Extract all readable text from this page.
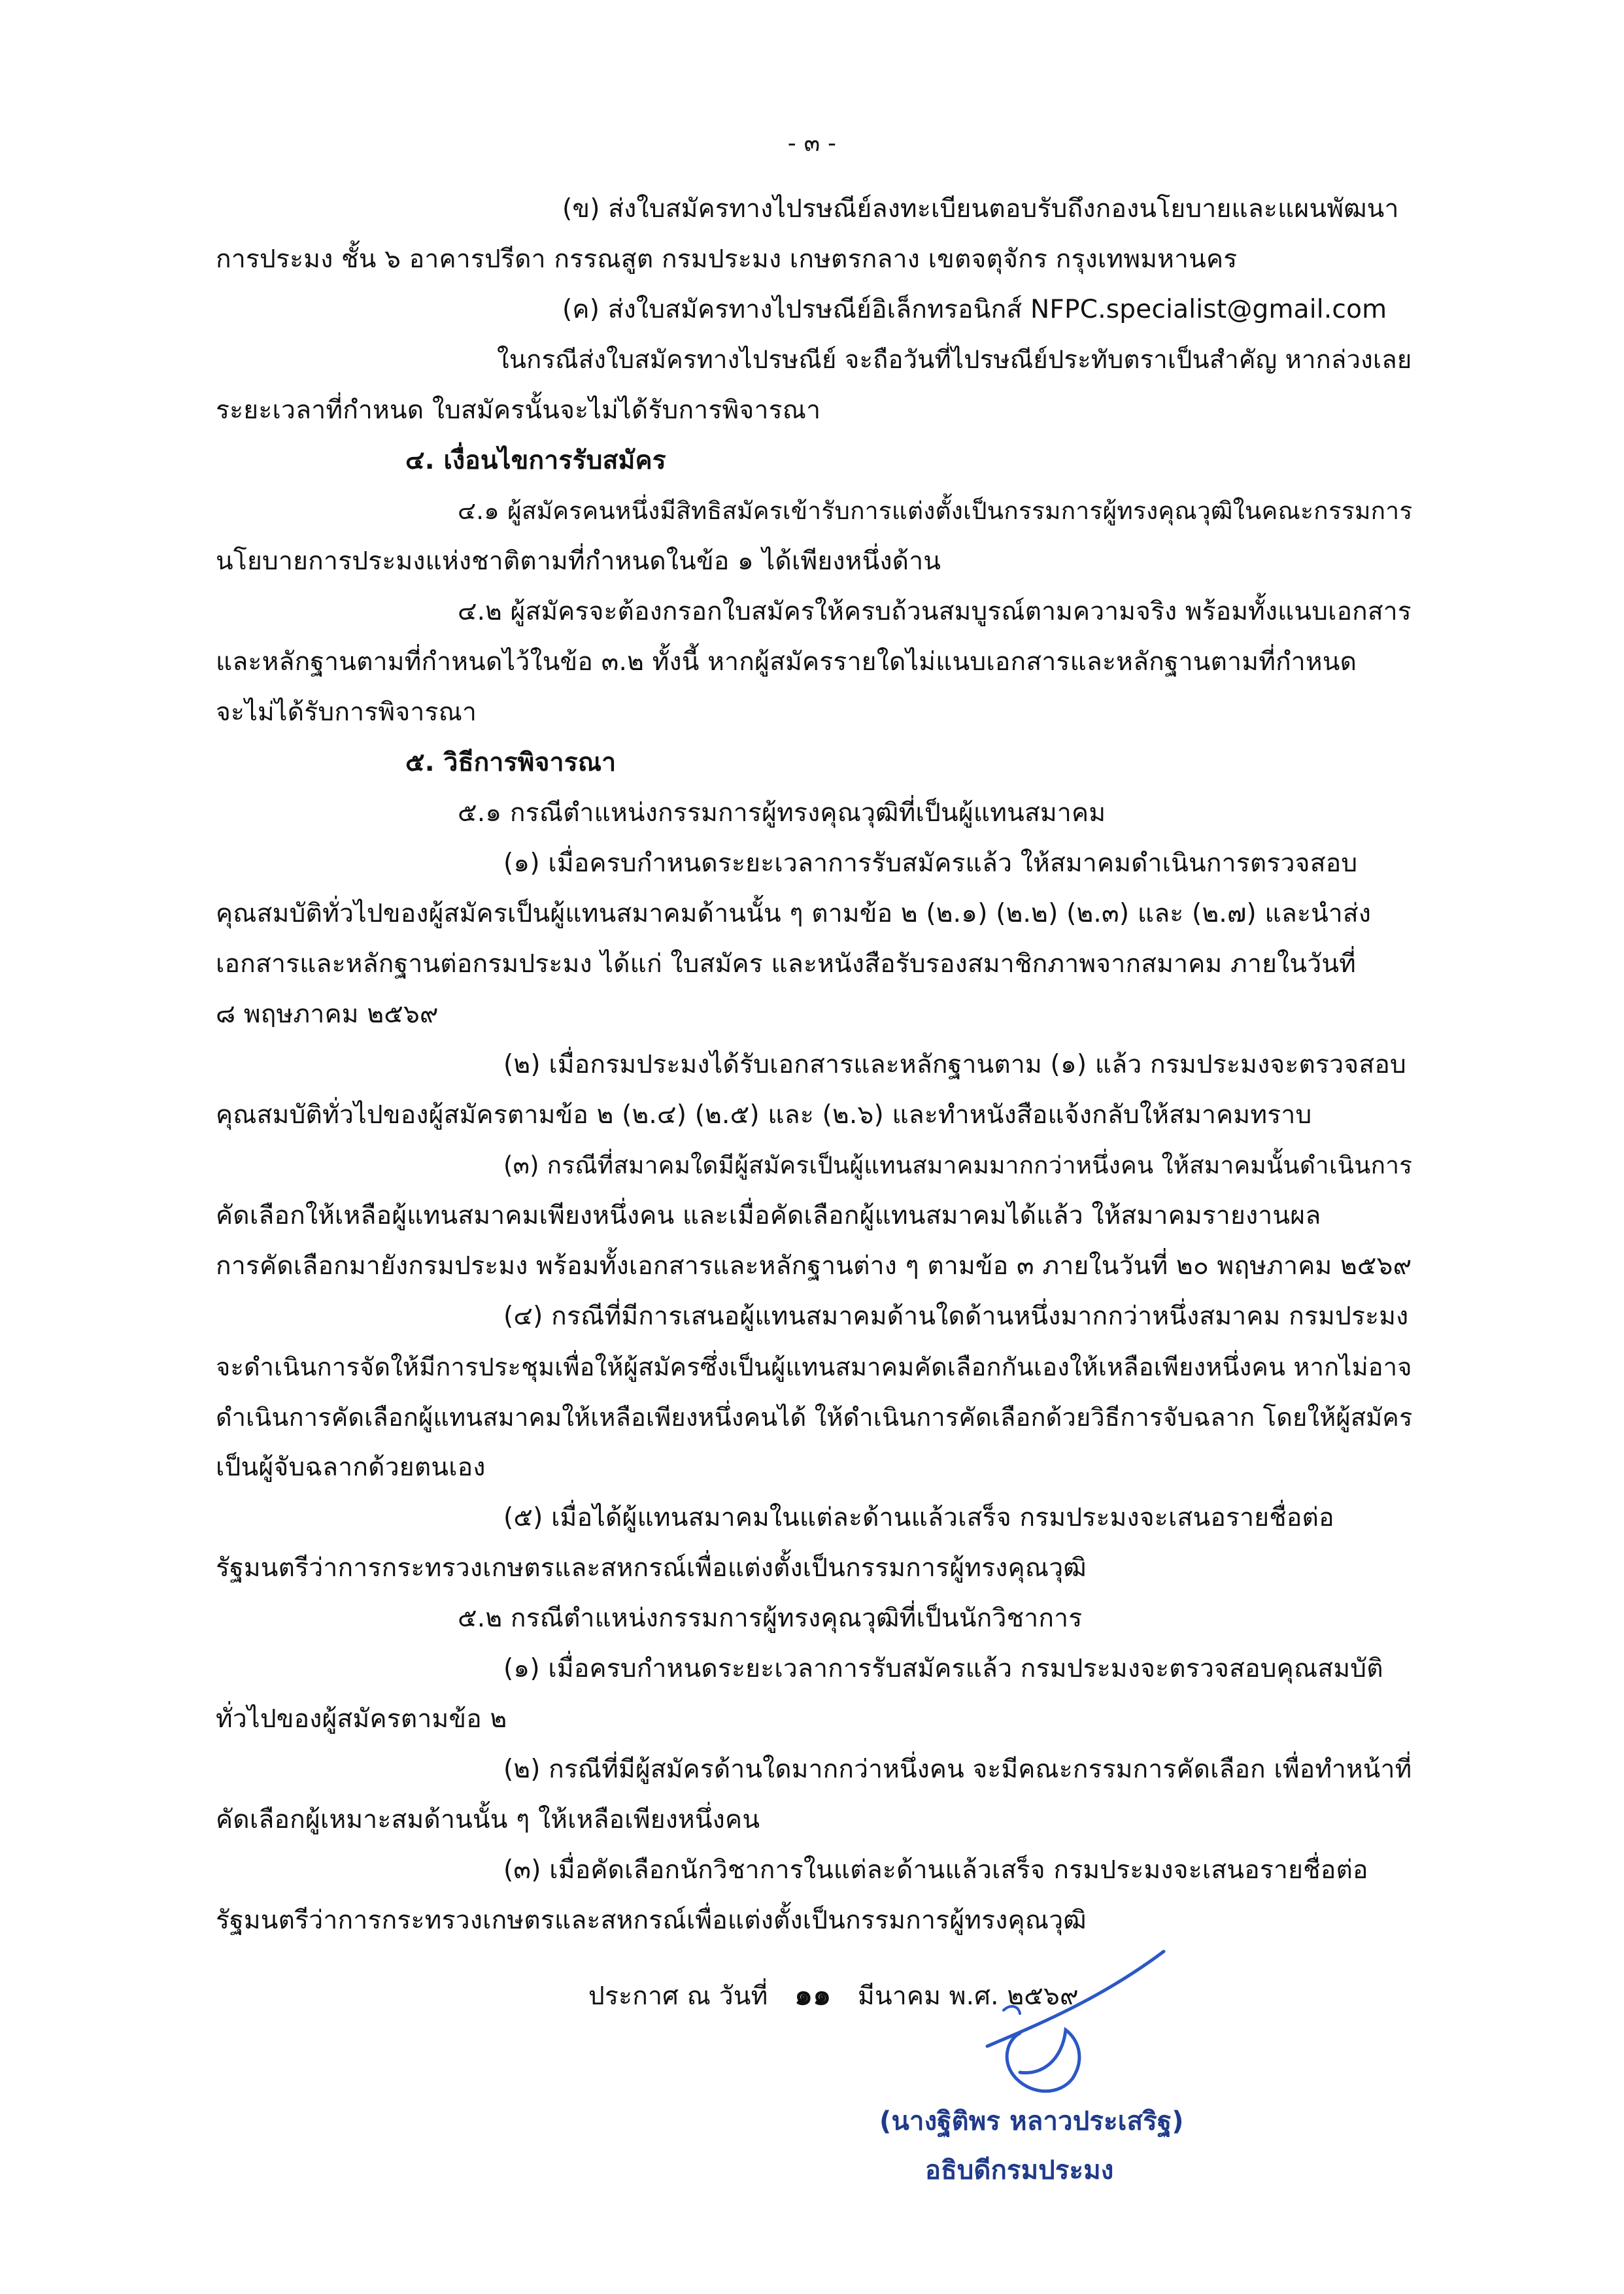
- ๓ -
(ข) ส่งใบสมัครทางไปรษณีย์ลงทะเบียนตอบรับถึงกองนโยบายและแผนพัฒนา
การประมง ชั้น ๖ อาคารปรีดา กรรณสูต กรมประมง เกษตรกลาง เขตจตุจักร กรุงเทพมหานคร
(ค) ส่งใบสมัครทางไปรษณีย์อิเล็กทรอนิกส์ NFPC.specialist@gmail.com
ในกรณีส่งใบสมัครทางไปรษณีย์ จะถือวันที่ไปรษณีย์ประทับตราเป็นสำคัญ หากล่วงเลย
ระยะเวลาที่กำหนด ใบสมัครนั้นจะไม่ได้รับการพิจารณา
๔. เงื่อนไขการรับสมัคร
๔.๑ ผู้สมัครคนหนึ่งมีสิทธิสมัครเข้ารับการแต่งตั้งเป็นกรรมการผู้ทรงคุณวุฒิในคณะกรรมการ
นโยบายการประมงแห่งชาติตามที่กำหนดในข้อ ๑ ได้เพียงหนึ่งด้าน
๔.๒ ผู้สมัครจะต้องกรอกใบสมัครให้ครบถ้วนสมบูรณ์ตามความจริง พร้อมทั้งแนบเอกสาร
และหลักฐานตามที่กำหนดไว้ในข้อ ๓.๒ ทั้งนี้ หากผู้สมัครรายใดไม่แนบเอกสารและหลักฐานตามที่กำหนด
จะไม่ได้รับการพิจารณา
๕. วิธีการพิจารณา
๕.๑ กรณีตำแหน่งกรรมการผู้ทรงคุณวุฒิที่เป็นผู้แทนสมาคม
(๑) เมื่อครบกำหนดระยะเวลาการรับสมัครแล้ว ให้สมาคมดำเนินการตรวจสอบ
คุณสมบัติทั่วไปของผู้สมัครเป็นผู้แทนสมาคมด้านนั้น ๆ ตามข้อ ๒ (๒.๑) (๒.๒) (๒.๓) และ (๒.๗) และนำส่ง
เอกสารและหลักฐานต่อกรมประมง ได้แก่ ใบสมัคร และหนังสือรับรองสมาชิกภาพจากสมาคม ภายในวันที่
๘ พฤษภาคม ๒๕๖๙
(๒) เมื่อกรมประมงได้รับเอกสารและหลักฐานตาม (๑) แล้ว กรมประมงจะตรวจสอบ
คุณสมบัติทั่วไปของผู้สมัครตามข้อ ๒ (๒.๔) (๒.๕) และ (๒.๖) และทำหนังสือแจ้งกลับให้สมาคมทราบ
(๓) กรณีที่สมาคมใดมีผู้สมัครเป็นผู้แทนสมาคมมากกว่าหนึ่งคน ให้สมาคมนั้นดำเนินการ
คัดเลือกให้เหลือผู้แทนสมาคมเพียงหนึ่งคน และเมื่อคัดเลือกผู้แทนสมาคมได้แล้ว ให้สมาคมรายงานผล
การคัดเลือกมายังกรมประมง พร้อมทั้งเอกสารและหลักฐานต่าง ๆ ตามข้อ ๓ ภายในวันที่ ๒๐ พฤษภาคม ๒๕๖๙
(๔) กรณีที่มีการเสนอผู้แทนสมาคมด้านใดด้านหนึ่งมากกว่าหนึ่งสมาคม กรมประมง
จะดำเนินการจัดให้มีการประชุมเพื่อให้ผู้สมัครซึ่งเป็นผู้แทนสมาคมคัดเลือกกันเองให้เหลือเพียงหนึ่งคน หากไม่อาจ
ดำเนินการคัดเลือกผู้แทนสมาคมให้เหลือเพียงหนึ่งคนได้ ให้ดำเนินการคัดเลือกด้วยวิธีการจับฉลาก โดยให้ผู้สมัคร
เป็นผู้จับฉลากด้วยตนเอง
(๕) เมื่อได้ผู้แทนสมาคมในแต่ละด้านแล้วเสร็จ กรมประมงจะเสนอรายชื่อต่อ
รัฐมนตรีว่าการกระทรวงเกษตรและสหกรณ์เพื่อแต่งตั้งเป็นกรรมการผู้ทรงคุณวุฒิ
๕.๒ กรณีตำแหน่งกรรมการผู้ทรงคุณวุฒิที่เป็นนักวิชาการ
(๑) เมื่อครบกำหนดระยะเวลาการรับสมัครแล้ว กรมประมงจะตรวจสอบคุณสมบัติ
ทั่วไปของผู้สมัครตามข้อ ๒
(๒) กรณีที่มีผู้สมัครด้านใดมากกว่าหนึ่งคน จะมีคณะกรรมการคัดเลือก เพื่อทำหน้าที่
คัดเลือกผู้เหมาะสมด้านนั้น ๆ ให้เหลือเพียงหนึ่งคน
(๓) เมื่อคัดเลือกนักวิชาการในแต่ละด้านแล้วเสร็จ กรมประมงจะเสนอรายชื่อต่อ
รัฐมนตรีว่าการกระทรวงเกษตรและสหกรณ์เพื่อแต่งตั้งเป็นกรรมการผู้ทรงคุณวุฒิ
ประกาศ ณ วันที่ ๑๑ มีนาคม พ.ศ. ๒๕๖๙
(นางฐิติพร หลาวประเสริฐ)
อธิบดีกรมประมง
